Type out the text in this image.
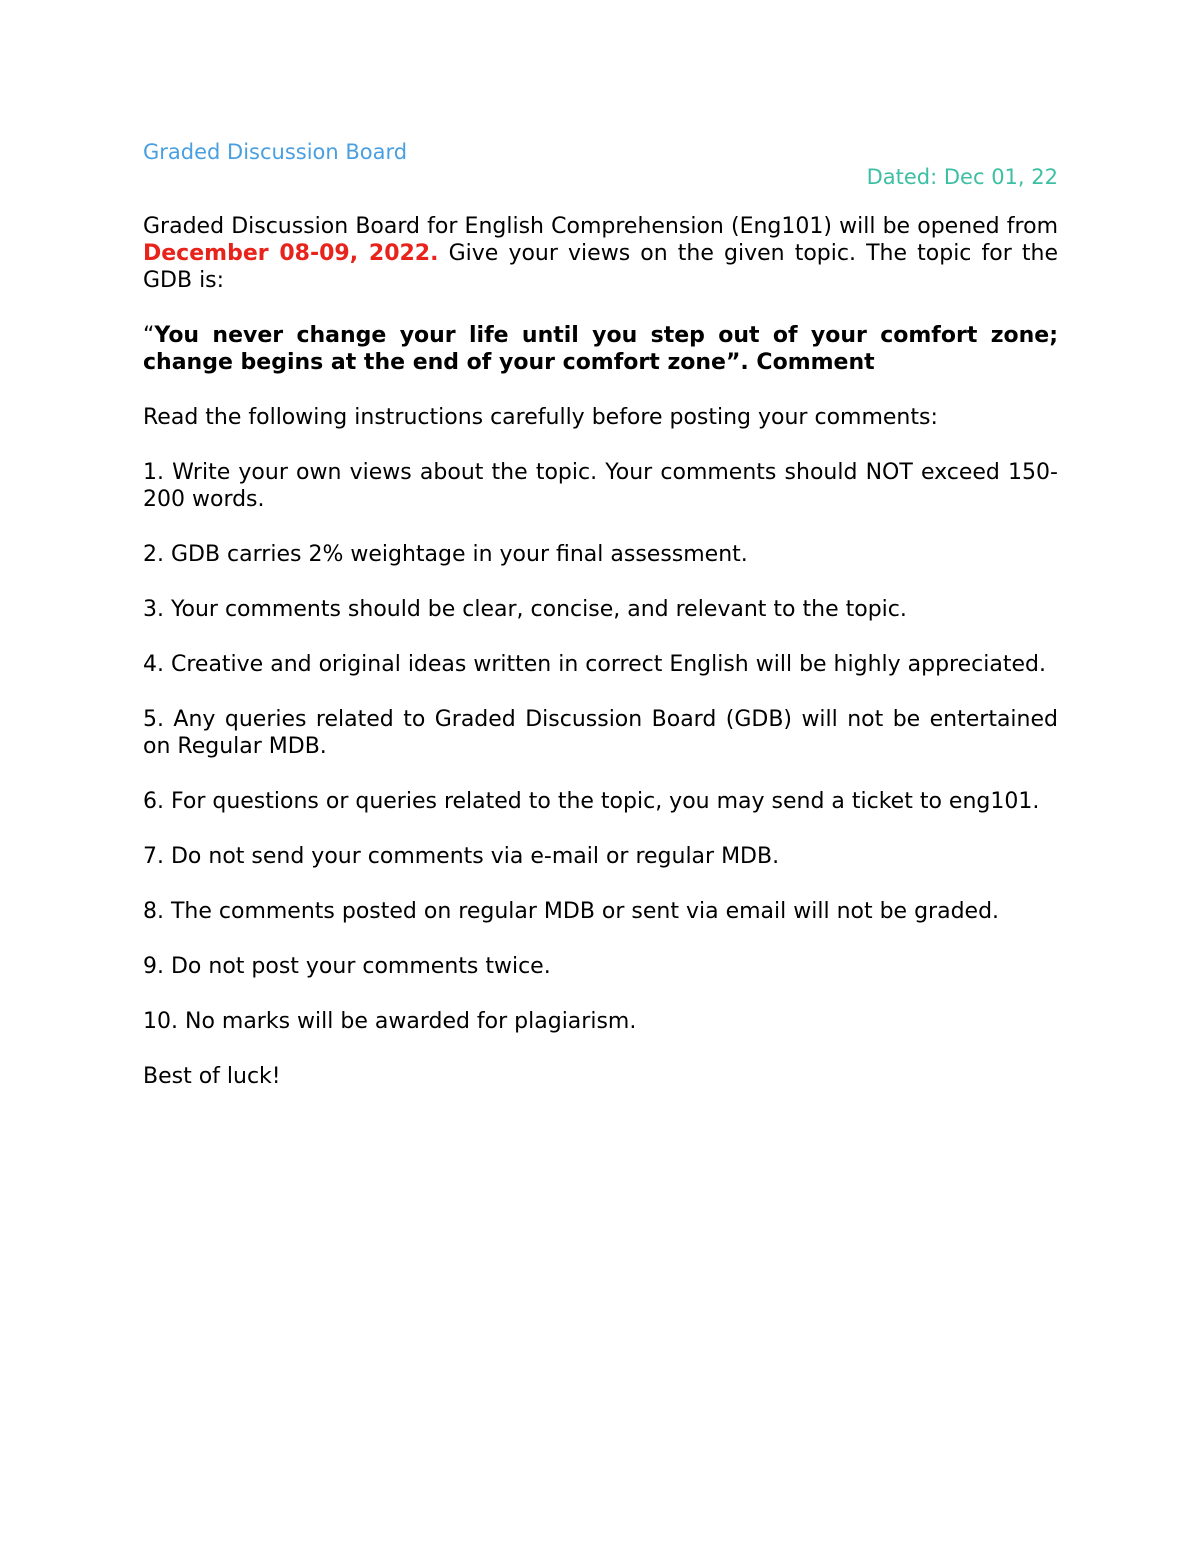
Graded Discussion Board
Dated: Dec 01, 22

Graded Discussion Board for English Comprehension (Eng101) will be opened from December 08-09, 2022. Give your views on the given topic. The topic for the GDB is:

“You never change your life until you step out of your comfort zone; change begins at the end of your comfort zone”. Comment

Read the following instructions carefully before posting your comments:

1. Write your own views about the topic. Your comments should NOT exceed 150-200 words.

2. GDB carries 2% weightage in your final assessment.

3. Your comments should be clear, concise, and relevant to the topic.

4. Creative and original ideas written in correct English will be highly appreciated.

5. Any queries related to Graded Discussion Board (GDB) will not be entertained on Regular MDB.

6. For questions or queries related to the topic, you may send a ticket to eng101.

7. Do not send your comments via e-mail or regular MDB.

8. The comments posted on regular MDB or sent via email will not be graded.

9. Do not post your comments twice.

10. No marks will be awarded for plagiarism.

Best of luck!
